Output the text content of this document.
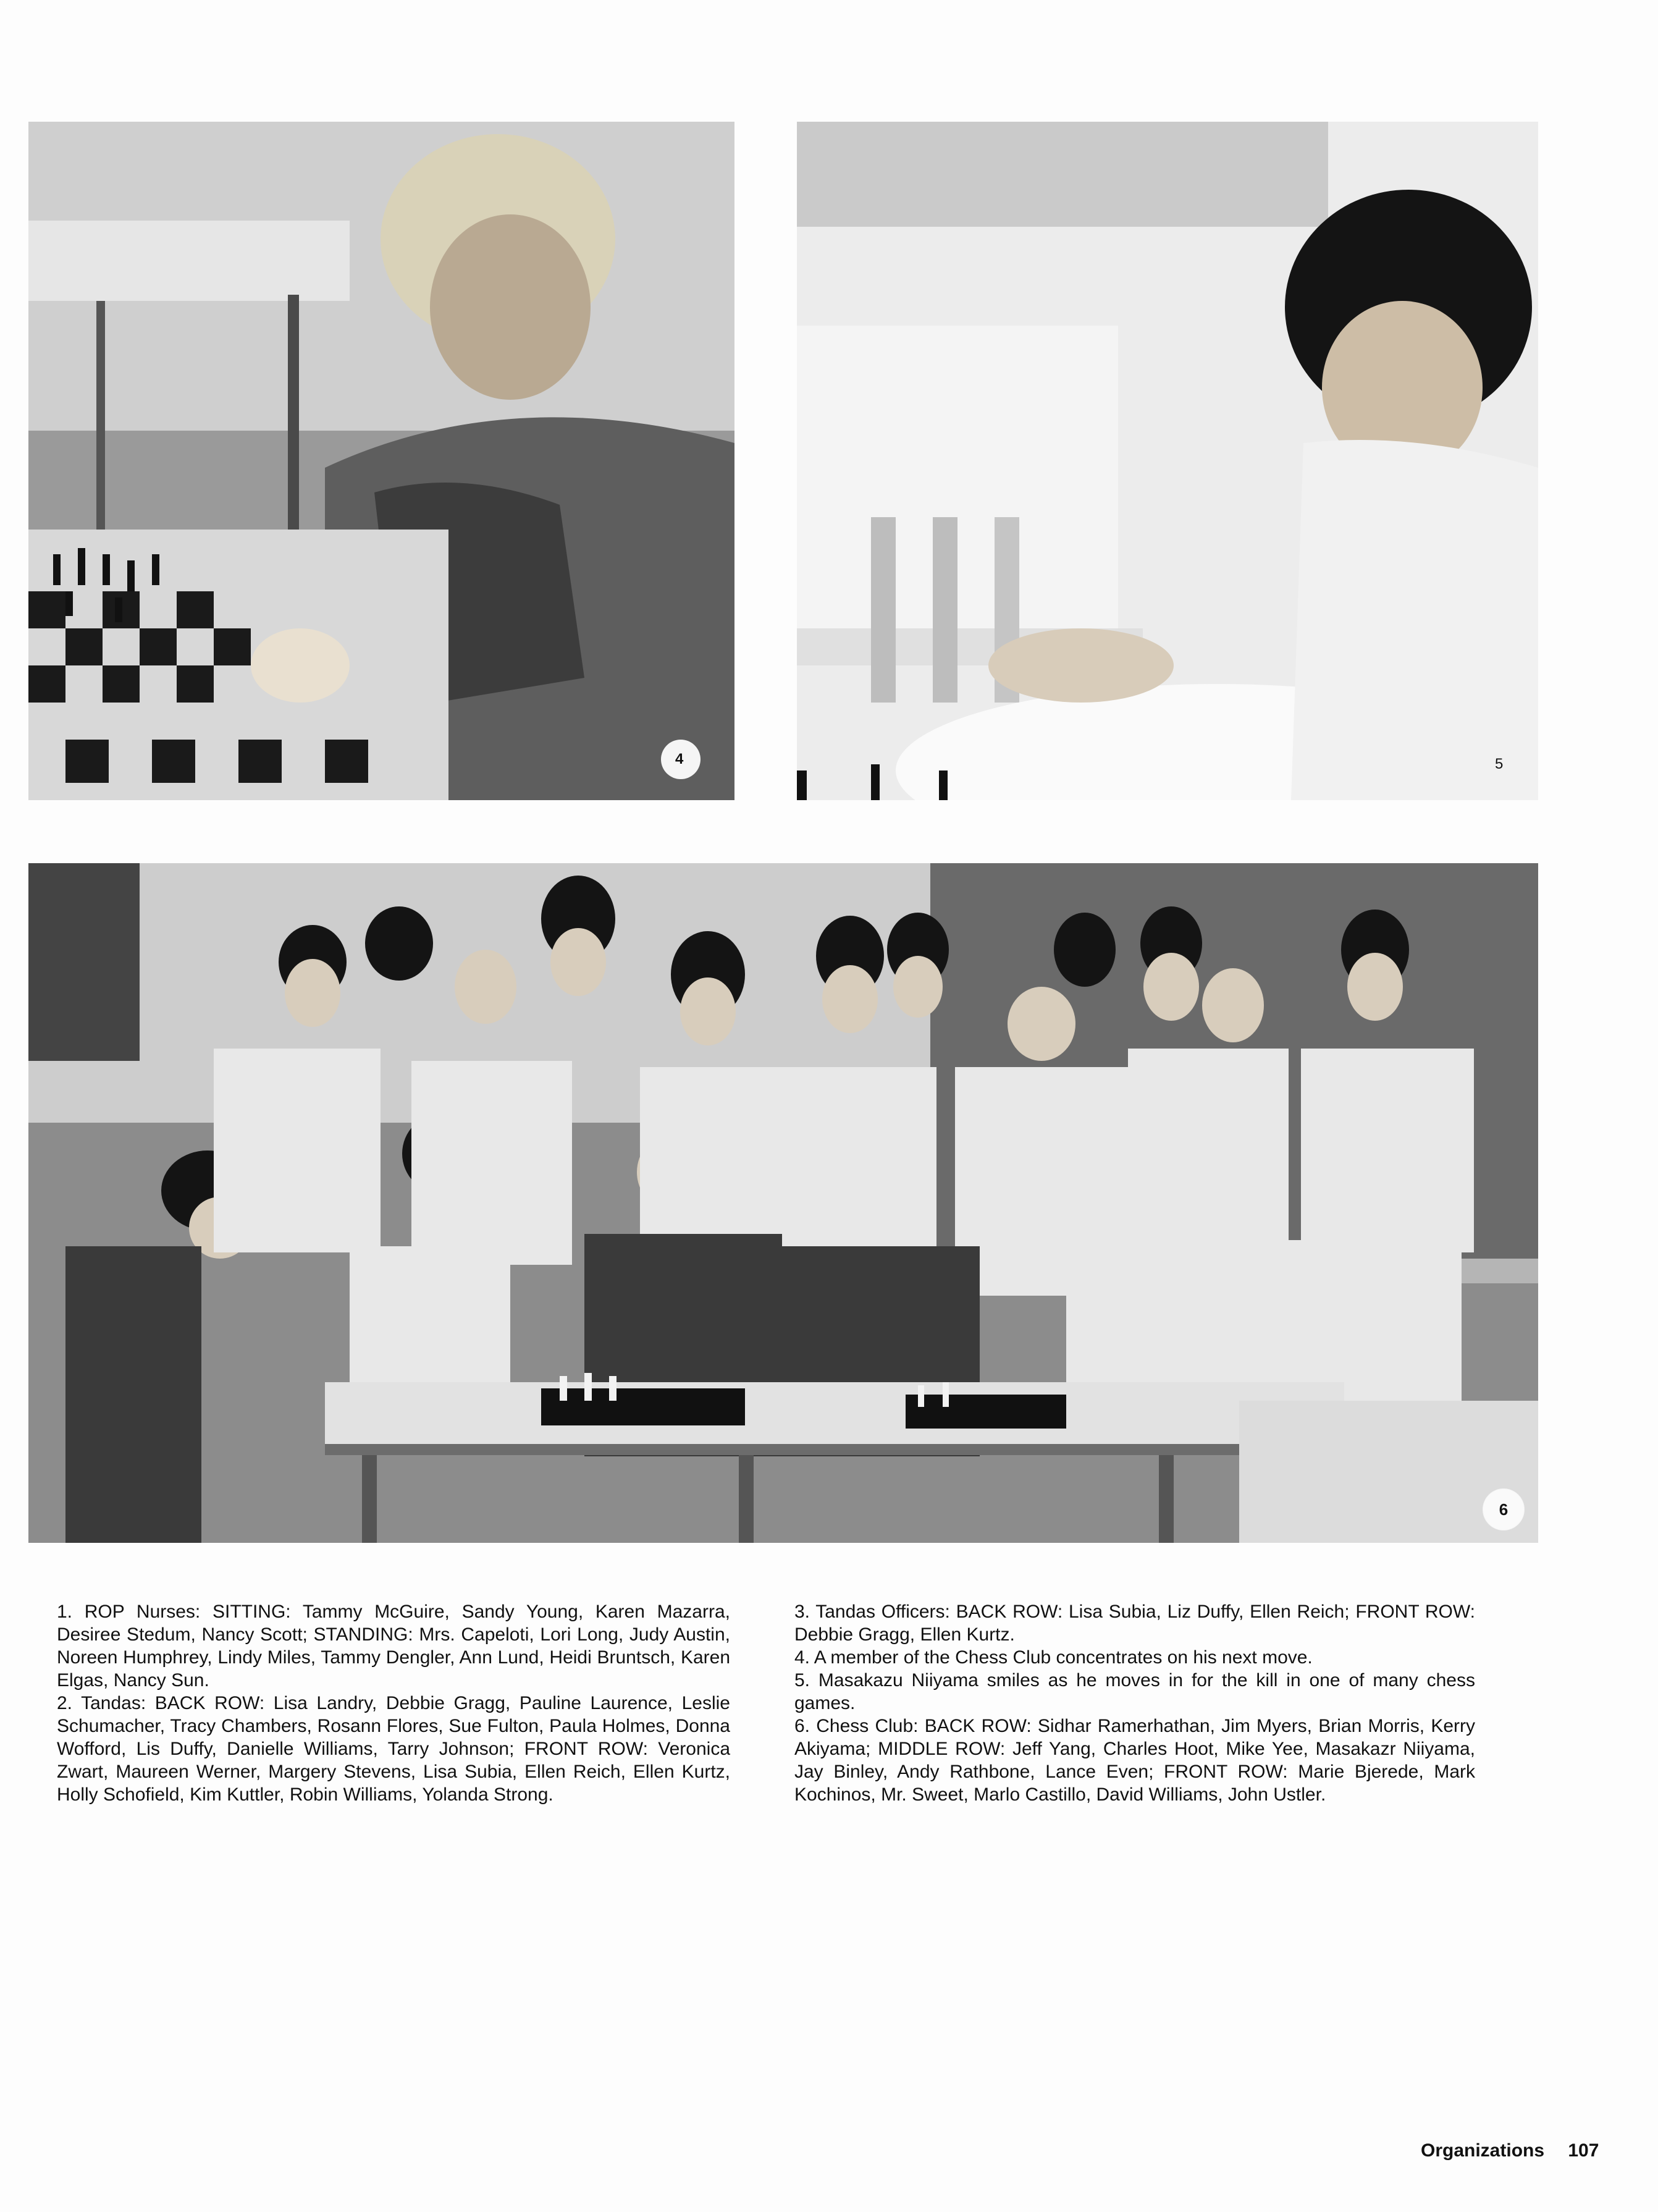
4	5
6

1. ROP Nurses: SITTING: Tammy McGuire, Sandy Young, Karen Mazarra, Desiree Stedum, Nancy Scott; STANDING: Mrs. Capeloti, Lori Long, Judy Austin, Noreen Humphrey, Lindy Miles, Tammy Dengler, Ann Lund, Heidi Bruntsch, Karen Elgas, Nancy Sun.

2. Tandas: BACK ROW: Lisa Landry, Debbie Gragg, Pauline Laurence, Leslie Schumacher, Tracy Chambers, Rosann Flores, Sue Fulton, Paula Holmes, Donna Wofford, Lis Duffy, Danielle Williams, Tarry Johnson; FRONT ROW: Veronica Zwart, Maureen Werner, Margery Stevens, Lisa Subia, Ellen Reich, Ellen Kurtz, Holly Schofield, Kim Kuttler, Robin Williams, Yolanda Strong.

3. Tandas Officers: BACK ROW: Lisa Subia, Liz Duffy, Ellen Reich; FRONT ROW: Debbie Gragg, Ellen Kurtz.

4. A member of the Chess Club concentrates on his next move.

5. Masakazu Niiyama smiles as he moves in for the kill in one of many chess games.

6. Chess Club: BACK ROW: Sidhar Ramerhathan, Jim Myers, Brian Morris, Kerry Akiyama; MIDDLE ROW: Jeff Yang, Charles Hoot, Mike Yee, Masakazr Niiyama, Jay Binley, Andy Rathbone, Lance Even; FRONT ROW: Marie Bjerede, Mark Kochinos, Mr. Sweet, Marlo Castillo, David Williams, John Ustler.

Organizations 107
